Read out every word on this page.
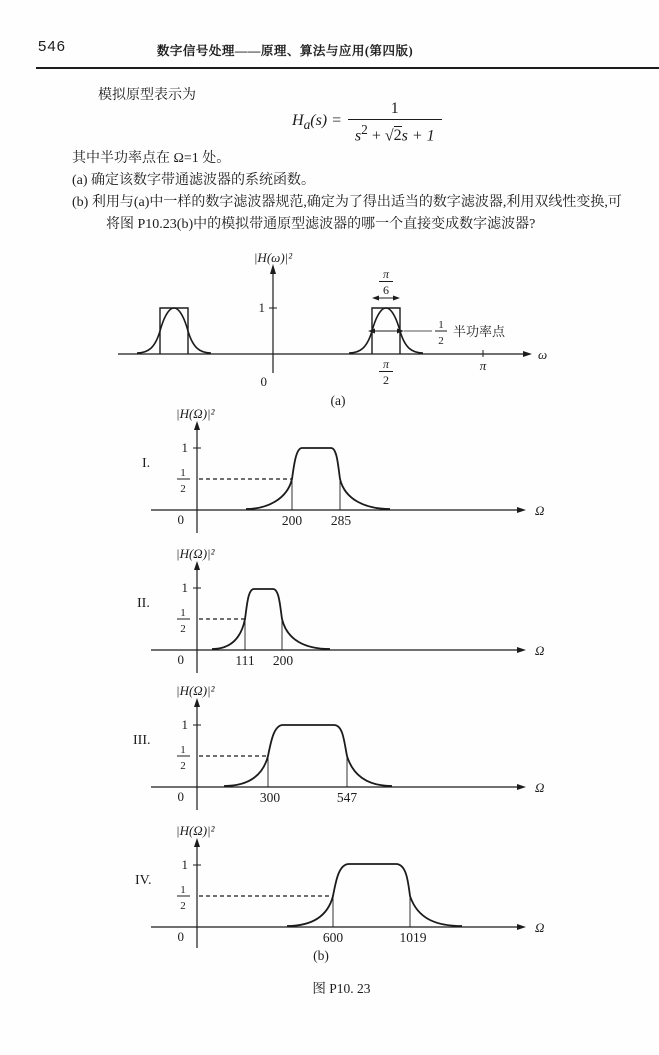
546	数字信号处理——原理、算法与应用(第四版)
模拟原型表示为
$H_a(s) = \frac{1}{s^2 + √2s + 1}$
其中半功率点在 Ω=1 处。
(a) 确定该数字带通滤波器的系统函数。
(b) 利用与(a)中一样的数字滤波器规范,确定为了得出适当的数字滤波器,利用双线性变换,可
将图 P10.23(b)中的模拟带通原型滤波器的哪一个直接变成数字滤波器?
|H(ω)|²
ω
1
0
π
π
6
1
2
半功率点
π
2
(a)
I.
|H(Ω)|²
1
1
2
Ω
0	200 285
II.
|H(Ω)|²
1
1
2
Ω
0	111 200
III.
|H(Ω)|²
1
1
2
Ω
0	300	547
IV.
|H(Ω)|²
1
1
2
Ω
0	600	1019
(b)
图 P10. 23
